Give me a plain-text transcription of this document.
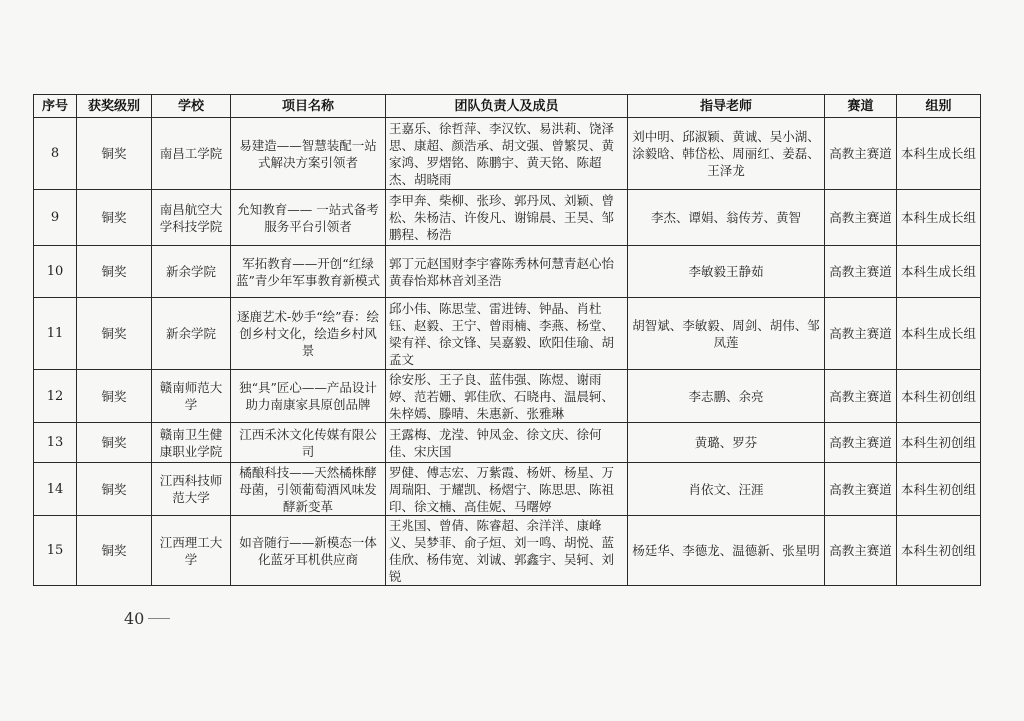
序号	获奖级别	学校	项目名称	团队负责人及成员	指导老师	赛道	组别
8	铜奖	南昌工学院	易建造——智慧装配一站式解决方案引领者	王嘉乐、徐哲萍、李汉钦、易洪莉、饶泽思、康超、颜浩承、胡文强、曾繁炅、黄家鸿、罗熠铭、陈鹏宇、黄天铭、陈超杰、胡晓雨	刘中明、邱淑颖、黄诚、吴小湖、涂毅晗、韩岱松、周丽红、姜磊、王泽龙	高教主赛道	本科生成长组
9	铜奖	南昌航空大学科技学院	允知教育—— 一站式备考服务平台引领者	李甲奔、柴柳、张珍、郭丹凤、刘颖、曾松、朱杨洁、许俊凡、谢锦晨、王昊、邹鹏程、杨浩	李杰、谭娟、翁传芳、黄智	高教主赛道	本科生成长组
10	铜奖	新余学院	军拓教育——开创“红绿蓝”青少年军事教育新模式	郭丁元赵国财李宇睿陈秀林何慧青赵心怡黄春怡郑林音刘圣浩	李敏毅王静茹	高教主赛道	本科生成长组
11	铜奖	新余学院	逐鹿艺术-妙手“绘”春：绘创乡村文化，绘造乡村风景	邱小伟、陈思莹、雷进铸、钟晶、肖杜钰、赵毅、王宁、曾雨楠、李燕、杨堂、梁有祥、徐文锋、吴嘉毅、欧阳佳瑜、胡孟文	胡智斌、李敏毅、周剑、胡伟、邹凤莲	高教主赛道	本科生成长组
12	铜奖	赣南师范大学	独“具”匠心——产品设计助力南康家具原创品牌	徐安彤、王子良、蓝伟强、陈煜、谢雨婷、范若姗、郭佳欣、石晓冉、温晨轲、朱梓嫣、滕晴、朱惠新、张雅琳	李志鹏、余亮	高教主赛道	本科生初创组
13	铜奖	赣南卫生健康职业学院	江西禾沐文化传媒有限公司	王露梅、龙滢、钟凤金、徐文庆、徐何佳、宋庆国	黄璐、罗芬	高教主赛道	本科生初创组
14	铜奖	江西科技师范大学	橘酿科技——天然橘株酵母菌，引领葡萄酒风味发酵新变革	罗健、傅志宏、万紫霞、杨妍、杨星、万周瑞阳、于耀凯、杨熠宁、陈思思、陈祖印、徐文楠、高佳妮、马曙婷	肖依文、汪涯	高教主赛道	本科生初创组
15	铜奖	江西理工大学	如音随行——新模态一体化蓝牙耳机供应商	王兆国、曾倩、陈睿超、余洋洋、康峰义、吴梦菲、俞子烜、刘一鸣、胡悦、蓝佳欣、杨伟宽、刘诚、郭鑫宇、吴轲、刘锐	杨廷华、李德龙、温德新、张星明	高教主赛道	本科生初创组
40
